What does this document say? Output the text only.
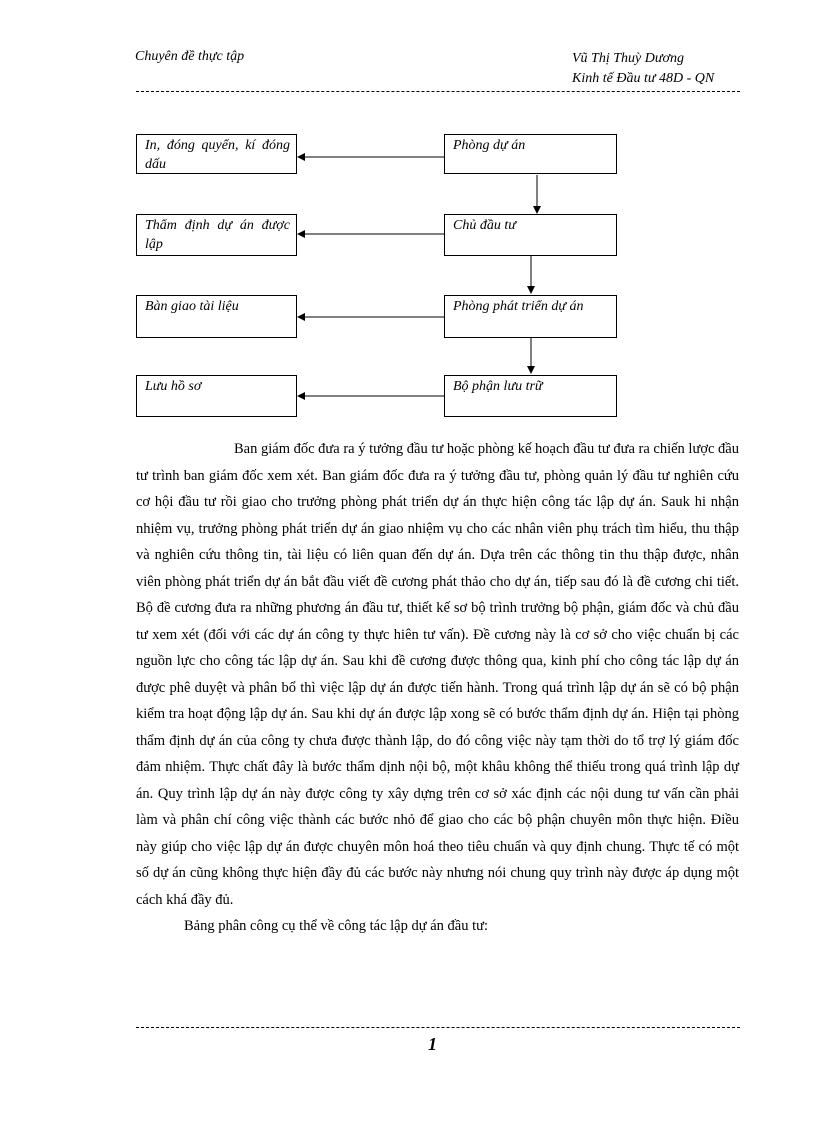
Chuyên đề thực tập	Vũ Thị Thuỳ Dương
Kinh tế Đầu tư 48D - QN
Phòng dự án
Chủ đầu tư
Phòng phát triển dự án
Bộ phận lưu trữ
In, đóng quyển, kí đóng dấu
Thẩm định dự án được lập
Bàn giao tài liệu
Lưu hồ sơ

Ban giám đốc đưa ra ý tưởng đầu tư hoặc phòng kế hoạch đầu tư đưa ra chiến lược đầu tư trình ban giám đốc xem xét. Ban giám đốc đưa ra ý tưởng đầu tư, phòng quản lý đầu tư nghiên cứu cơ hội đầu tư rồi giao cho trưởng phòng phát triển dự án thực hiện công tác lập dự án. Sauk hi nhận nhiệm vụ, trưởng phòng phát triển dự án giao nhiệm vụ cho các nhân viên phụ trách tìm hiểu, thu thập và nghiên cứu thông tin, tài liệu có liên quan đến dự án. Dựa trên các thông tin thu thập được, nhân viên phòng phát triển dự án bắt đầu viết đề cương phát thảo cho dự án, tiếp sau đó là đề cương chi tiết. Bộ đề cương đưa ra những phương án đầu tư, thiết kế sơ bộ trình trưởng bộ phận, giám đốc và chủ đầu tư xem xét (đối với các dự án công ty thực hiên tư vấn). Đề cương này là cơ sở cho việc chuẩn bị các nguồn lực cho công tác lập dự án. Sau khi đề cương được thông qua, kinh phí cho công tác lập dự án được phê duyệt và phân bổ thì việc lập dự án được tiến hành. Trong quá trình lập dự án sẽ có bộ phận kiểm tra hoạt động lập dự án. Sau khi dự án được lập xong sẽ có bước thẩm định dự án. Hiện tại phòng thẩm định dự án của công ty chưa được thành lập, do đó công việc này tạm thời do tổ trợ lý giám đốc đảm nhiệm. Thực chất đây là bước thẩm dịnh nội bộ, một khâu không thể thiếu trong quá trình lập dự án. Quy trình lập dự án này được công ty xây dựng trên cơ sở xác định các nội dung tư vấn cần phải làm và phân chí công việc thành các bước nhỏ để giao cho các bộ phận chuyên môn thực hiện. Điều này giúp cho việc lập dự án được chuyên môn hoá theo tiêu chuẩn và quy định chung. Thực tế có một số dự án cũng không thực hiện đầy đủ các bước này nhưng nói chung quy trình này được áp dụng một cách khá đầy đủ.

Bảng phân công cụ thể về công tác lập dự án đầu tư:

1
